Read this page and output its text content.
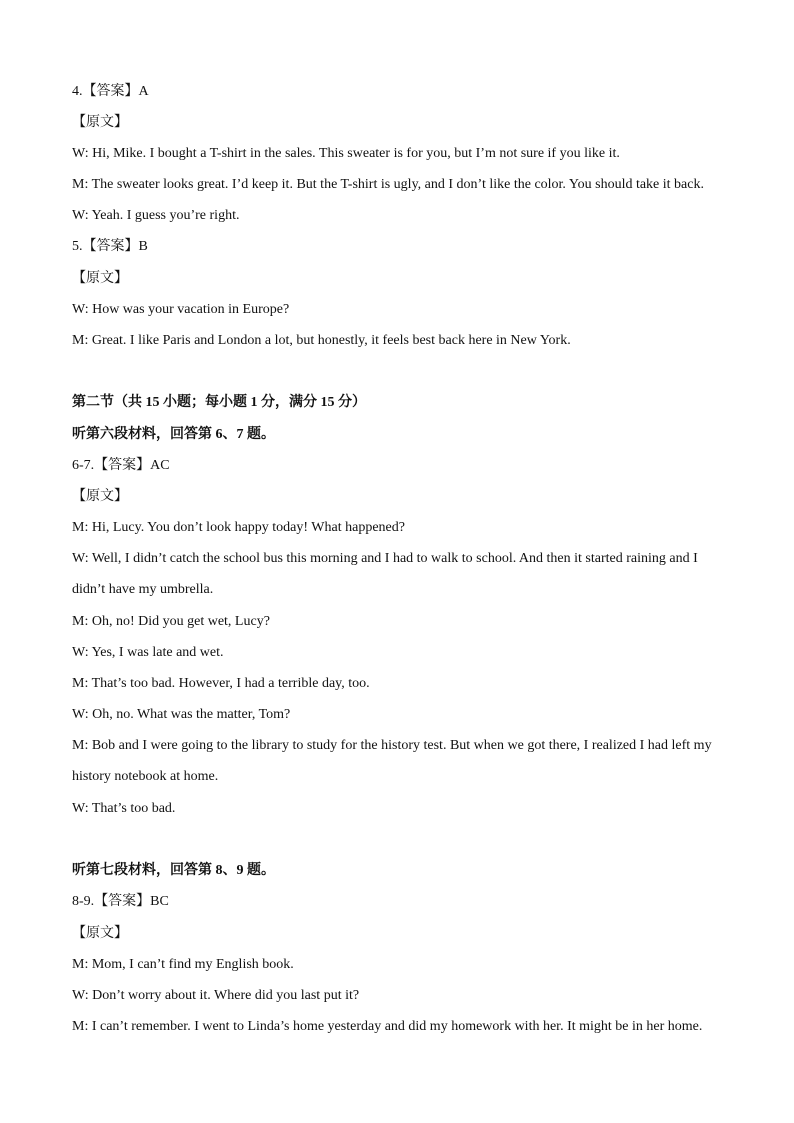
4.【答案】A
【原文】
W: Hi, Mike. I bought a T-shirt in the sales. This sweater is for you, but I’m not sure if you like it.
M: The sweater looks great. I’d keep it. But the T-shirt is ugly, and I don’t like the color. You should take it back.
W: Yeah. I guess you’re right.
5.【答案】B
【原文】
W: How was your vacation in Europe?
M: Great. I like Paris and London a lot, but honestly, it feels best back here in New York.
第二节（共 15 小题；每小题 1 分，满分 15 分）
听第六段材料，回答第 6、7 题。
6-7.【答案】AC
【原文】
M: Hi, Lucy. You don’t look happy today! What happened?
W: Well, I didn’t catch the school bus this morning and I had to walk to school. And then it started raining and I
didn’t have my umbrella.
M: Oh, no! Did you get wet, Lucy?
W: Yes, I was late and wet.
M: That’s too bad. However, I had a terrible day, too.
W: Oh, no. What was the matter, Tom?
M: Bob and I were going to the library to study for the history test. But when we got there, I realized I had left my
history notebook at home.
W: That’s too bad.
听第七段材料，回答第 8、9 题。
8-9.【答案】BC
【原文】
M: Mom, I can’t find my English book.
W: Don’t worry about it. Where did you last put it?
M: I can’t remember. I went to Linda’s home yesterday and did my homework with her. It might be in her home.
